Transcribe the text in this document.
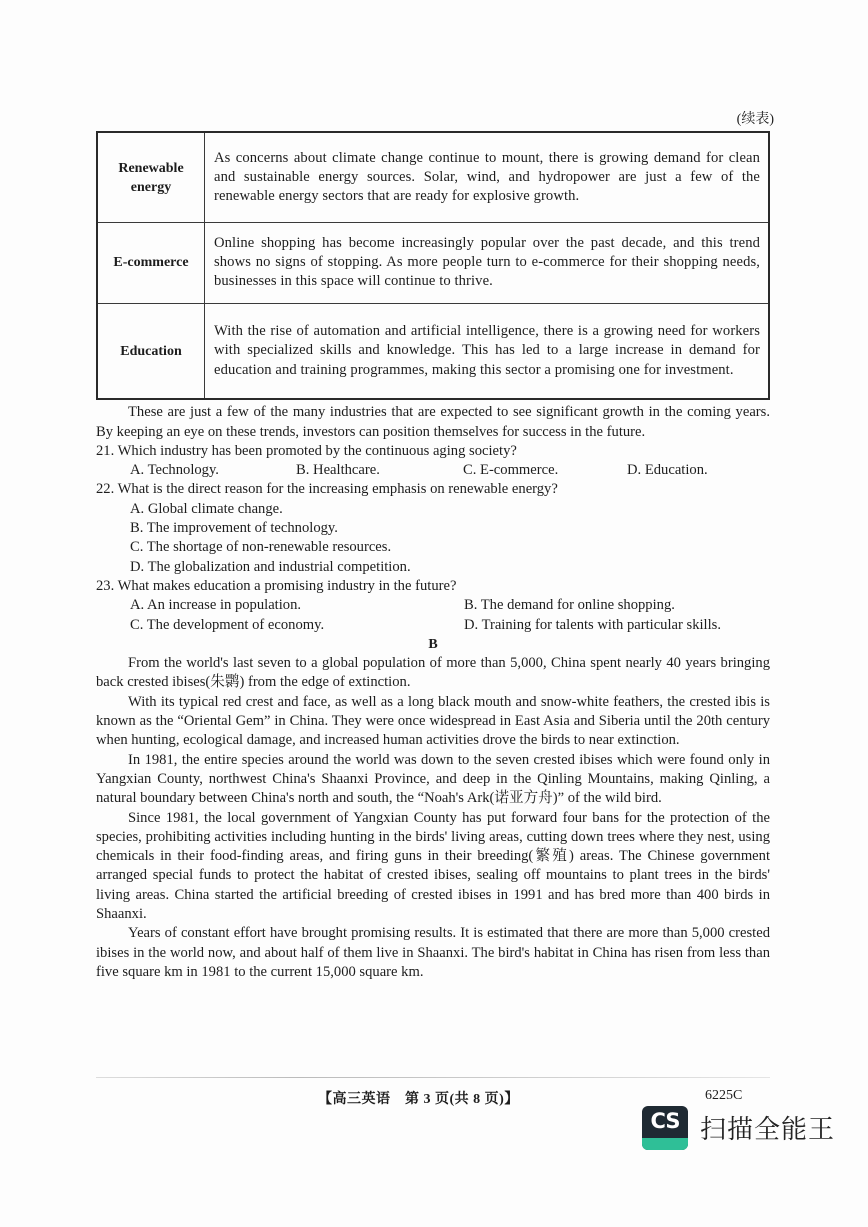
(续表)
Renewable energy	As concerns about climate change continue to mount, there is growing demand for clean and sustainable energy sources. Solar, wind, and hydropower are just a few of the renewable energy sectors that are ready for explosive growth.
E-commerce	Online shopping has become increasingly popular over the past decade, and this trend shows no signs of stopping. As more people turn to e-commerce for their shopping needs, businesses in this space will continue to thrive.
Education	With the rise of automation and artificial intelligence, there is a growing need for workers with specialized skills and knowledge. This has led to a large increase in demand for education and training programmes, making this sector a promising one for investment.

These are just a few of the many industries that are expected to see significant growth in the coming years. By keeping an eye on these trends, investors can position themselves for success in the future.

21. Which industry has been promoted by the continuous aging society?
A. Technology.	B. Healthcare.	C. E-commerce.	D. Education.
22. What is the direct reason for the increasing emphasis on renewable energy?
A. Global climate change.
B. The improvement of technology.
C. The shortage of non-renewable resources.
D. The globalization and industrial competition.
23. What makes education a promising industry in the future?
A. An increase in population.	B. The demand for online shopping.
C. The development of economy.	D. Training for talents with particular skills.
B

From the world's last seven to a global population of more than 5,000, China spent nearly 40 years bringing back crested ibises(朱鹮) from the edge of extinction.

With its typical red crest and face, as well as a long black mouth and snow-white feathers, the crested ibis is known as the “Oriental Gem” in China. They were once widespread in East Asia and Siberia until the 20th century when hunting, ecological damage, and increased human activities drove the birds to near extinction.

In 1981, the entire species around the world was down to the seven crested ibises which were found only in Yangxian County, northwest China's Shaanxi Province, and deep in the Qinling Mountains, making Qinling, a natural boundary between China's north and south, the “Noah's Ark(诺亚方舟)” of the wild bird.

Since 1981, the local government of Yangxian County has put forward four bans for the protection of the species, prohibiting activities including hunting in the birds' living areas, cutting down trees where they nest, using chemicals in their food-finding areas, and firing guns in their breeding(繁殖) areas. The Chinese government arranged special funds to protect the habitat of crested ibises, sealing off mountains to plant trees in the birds' living areas. China started the artificial breeding of crested ibises in 1991 and has bred more than 400 birds in Shaanxi.

Years of constant effort have brought promising results. It is estimated that there are more than 5,000 crested ibises in the world now, and about half of them live in Shaanxi. The bird's habitat in China has risen from less than five square km in 1981 to the current 15,000 square km.

【高三英语　第 3 页(共 8 页)】	6225C
CS 扫描全能王
